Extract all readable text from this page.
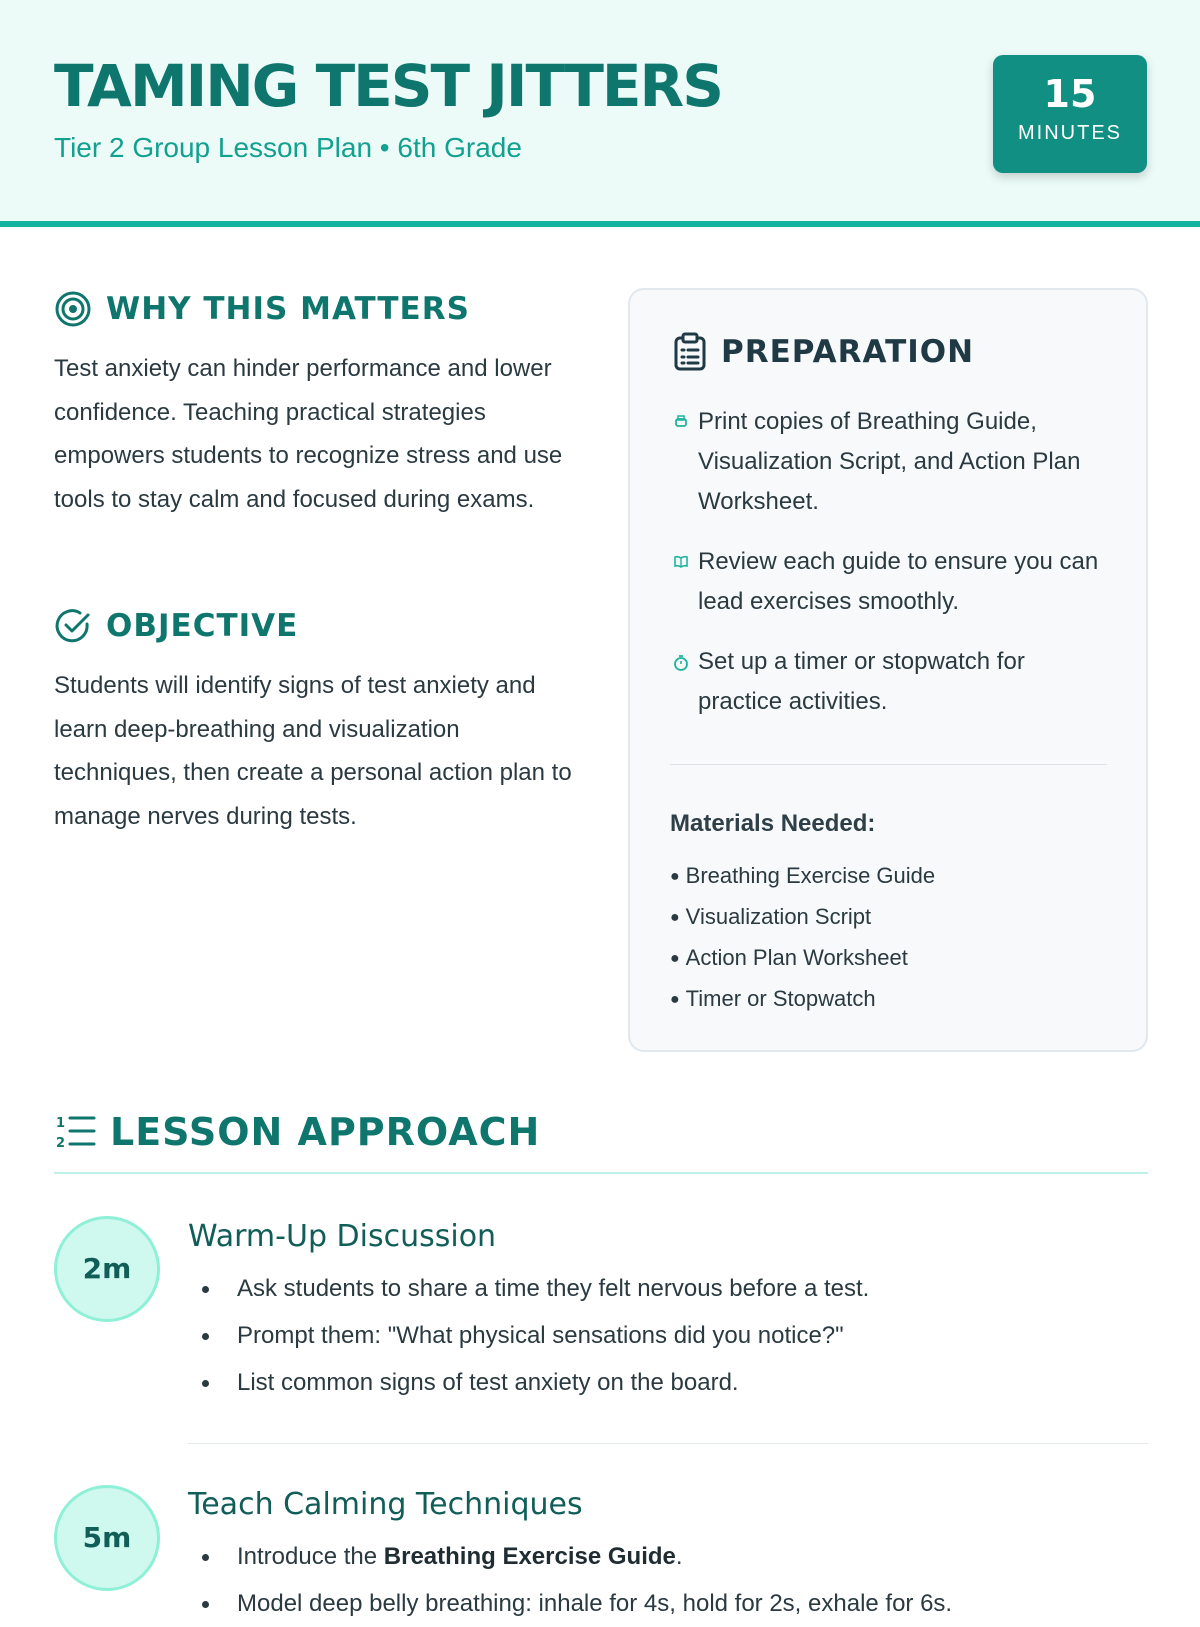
TAMING TEST JITTERS
Tier 2 Group Lesson Plan • 6th Grade
15
MINUTES
WHY THIS MATTERS
Test anxiety can hinder performance and lower confidence. Teaching practical strategies empowers students to recognize stress and use tools to stay calm and focused during exams.
OBJECTIVE
Students will identify signs of test anxiety and learn deep-breathing and visualization techniques, then create a personal action plan to manage nerves during tests.
PREPARATION
Print copies of Breathing Guide, Visualization Script, and Action Plan Worksheet.
Review each guide to ensure you can lead exercises smoothly.
Set up a timer or stopwatch for practice activities.
Materials Needed:
● Breathing Exercise Guide
● Visualization Script
● Action Plan Worksheet
● Timer or Stopwatch
1
2 LESSON APPROACH
2m
Warm-Up Discussion
Ask students to share a time they felt nervous before a test.
Prompt them: "What physical sensations did you notice?"
List common signs of test anxiety on the board.
5m
Teach Calming Techniques
Introduce the Breathing Exercise Guide.
Model deep belly breathing: inhale for 4s, hold for 2s, exhale for 6s.
